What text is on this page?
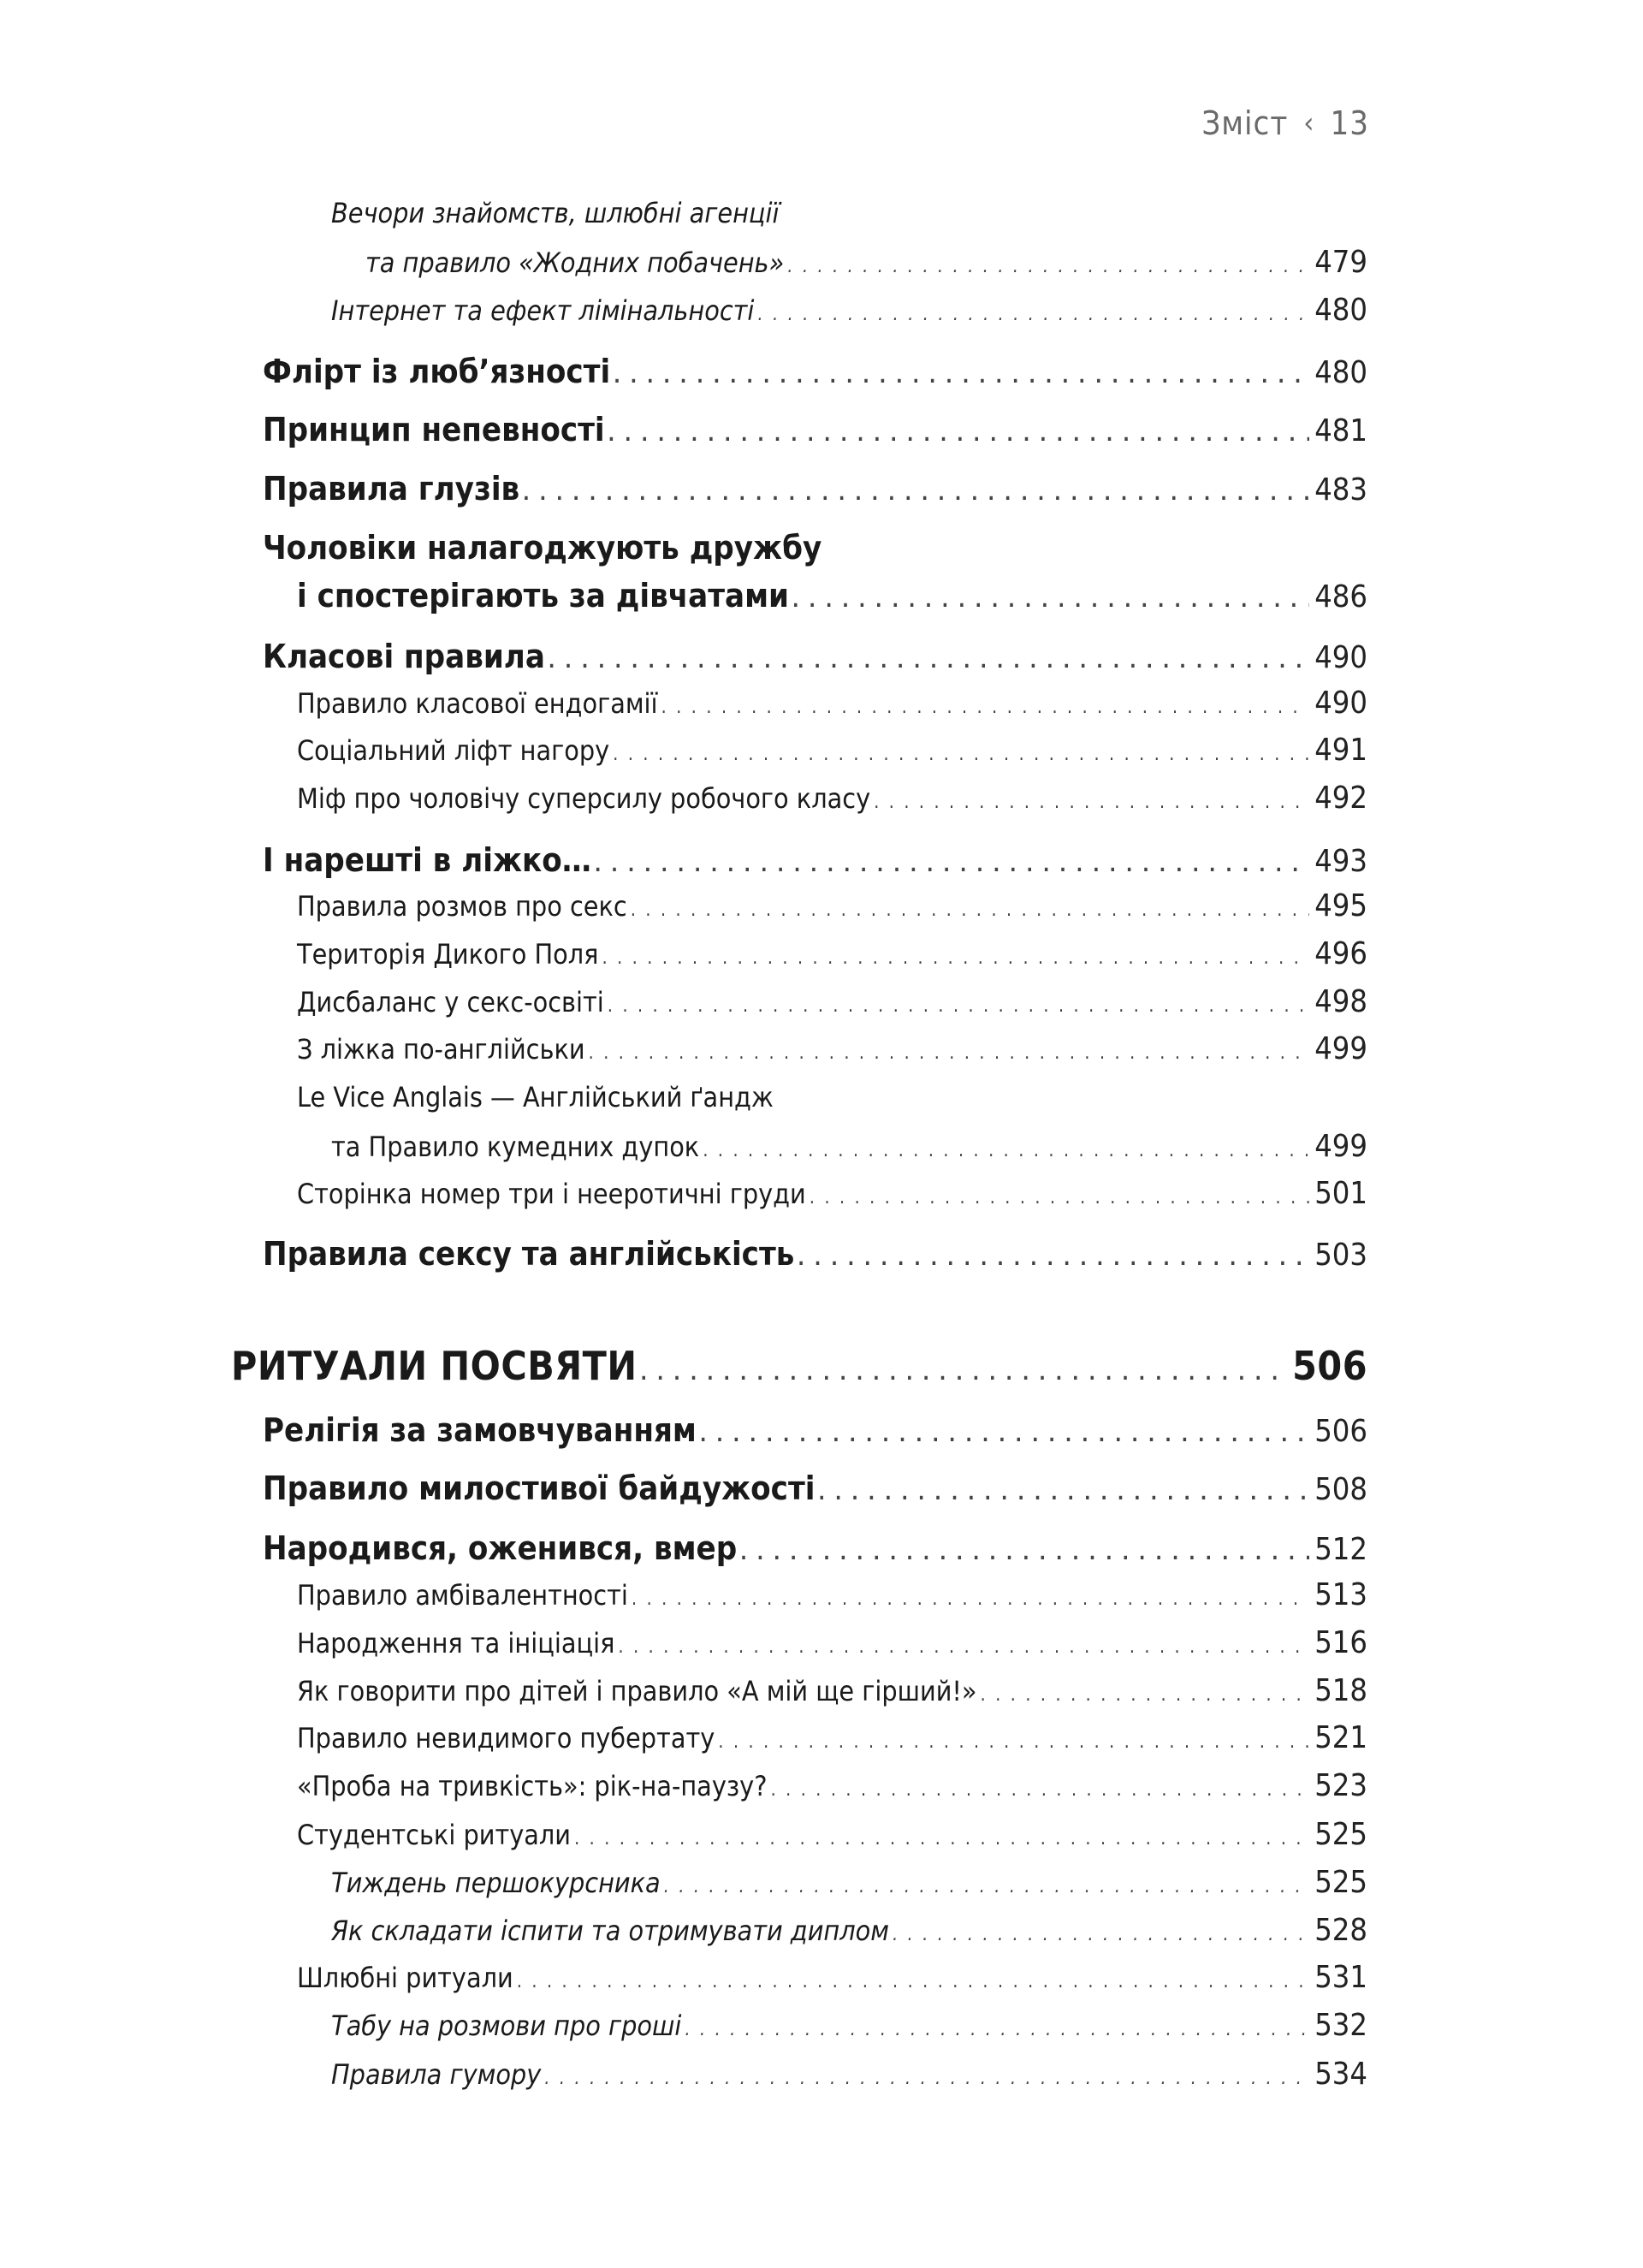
Зміст ‹ 13
Вечори знайомств, шлюбні агенції
та правило «Жодних побачень» . . .	479
Інтернет та ефект лімінальності . . .	480
Флірт із люб’язності . . .	480
Принцип непевності . . .	481
Правила глузів . . .	483
Чоловіки налагоджують дружбу
і спостерігають за дівчатами . . .	486
Класові правила . . .	490
Правило класової ендогамії . . .	490
Соціальний ліфт нагору . . .	491
Міф про чоловічу суперсилу робочого класу . . .	492
І нарешті в ліжко… . . .	493
Правила розмов про секс . . .	495
Територія Дикого Поля . . .	496
Дисбаланс у секс-освіті . . .	498
З ліжка по-англійськи . . .	499
Le Vice Anglais — Англійський ґандж
та Правило кумедних дупок . . .	499
Сторінка номер три і нееротичні груди . . .	501
Правила сексу та англійськість . . .	503
РИТУАЛИ ПОСВЯТИ . . .	506
Релігія за замовчуванням . . .	506
Правило милостивої байдужості . . .	508
Народився, оженився, вмер . . .	512
Правило амбівалентності . . .	513
Народження та ініціація . . .	516
Як говорити про дітей і правило «А мій ще гірший!» . . .	518
Правило невидимого пубертату . . .	521
«Проба на тривкість»: рік-на-паузу? . . .	523
Студентські ритуали . . .	525
Тиждень першокурсника . . .	525
Як складати іспити та отримувати диплом . . .	528
Шлюбні ритуали . . .	531
Табу на розмови про гроші . . .	532
Правила гумору . . .	534
